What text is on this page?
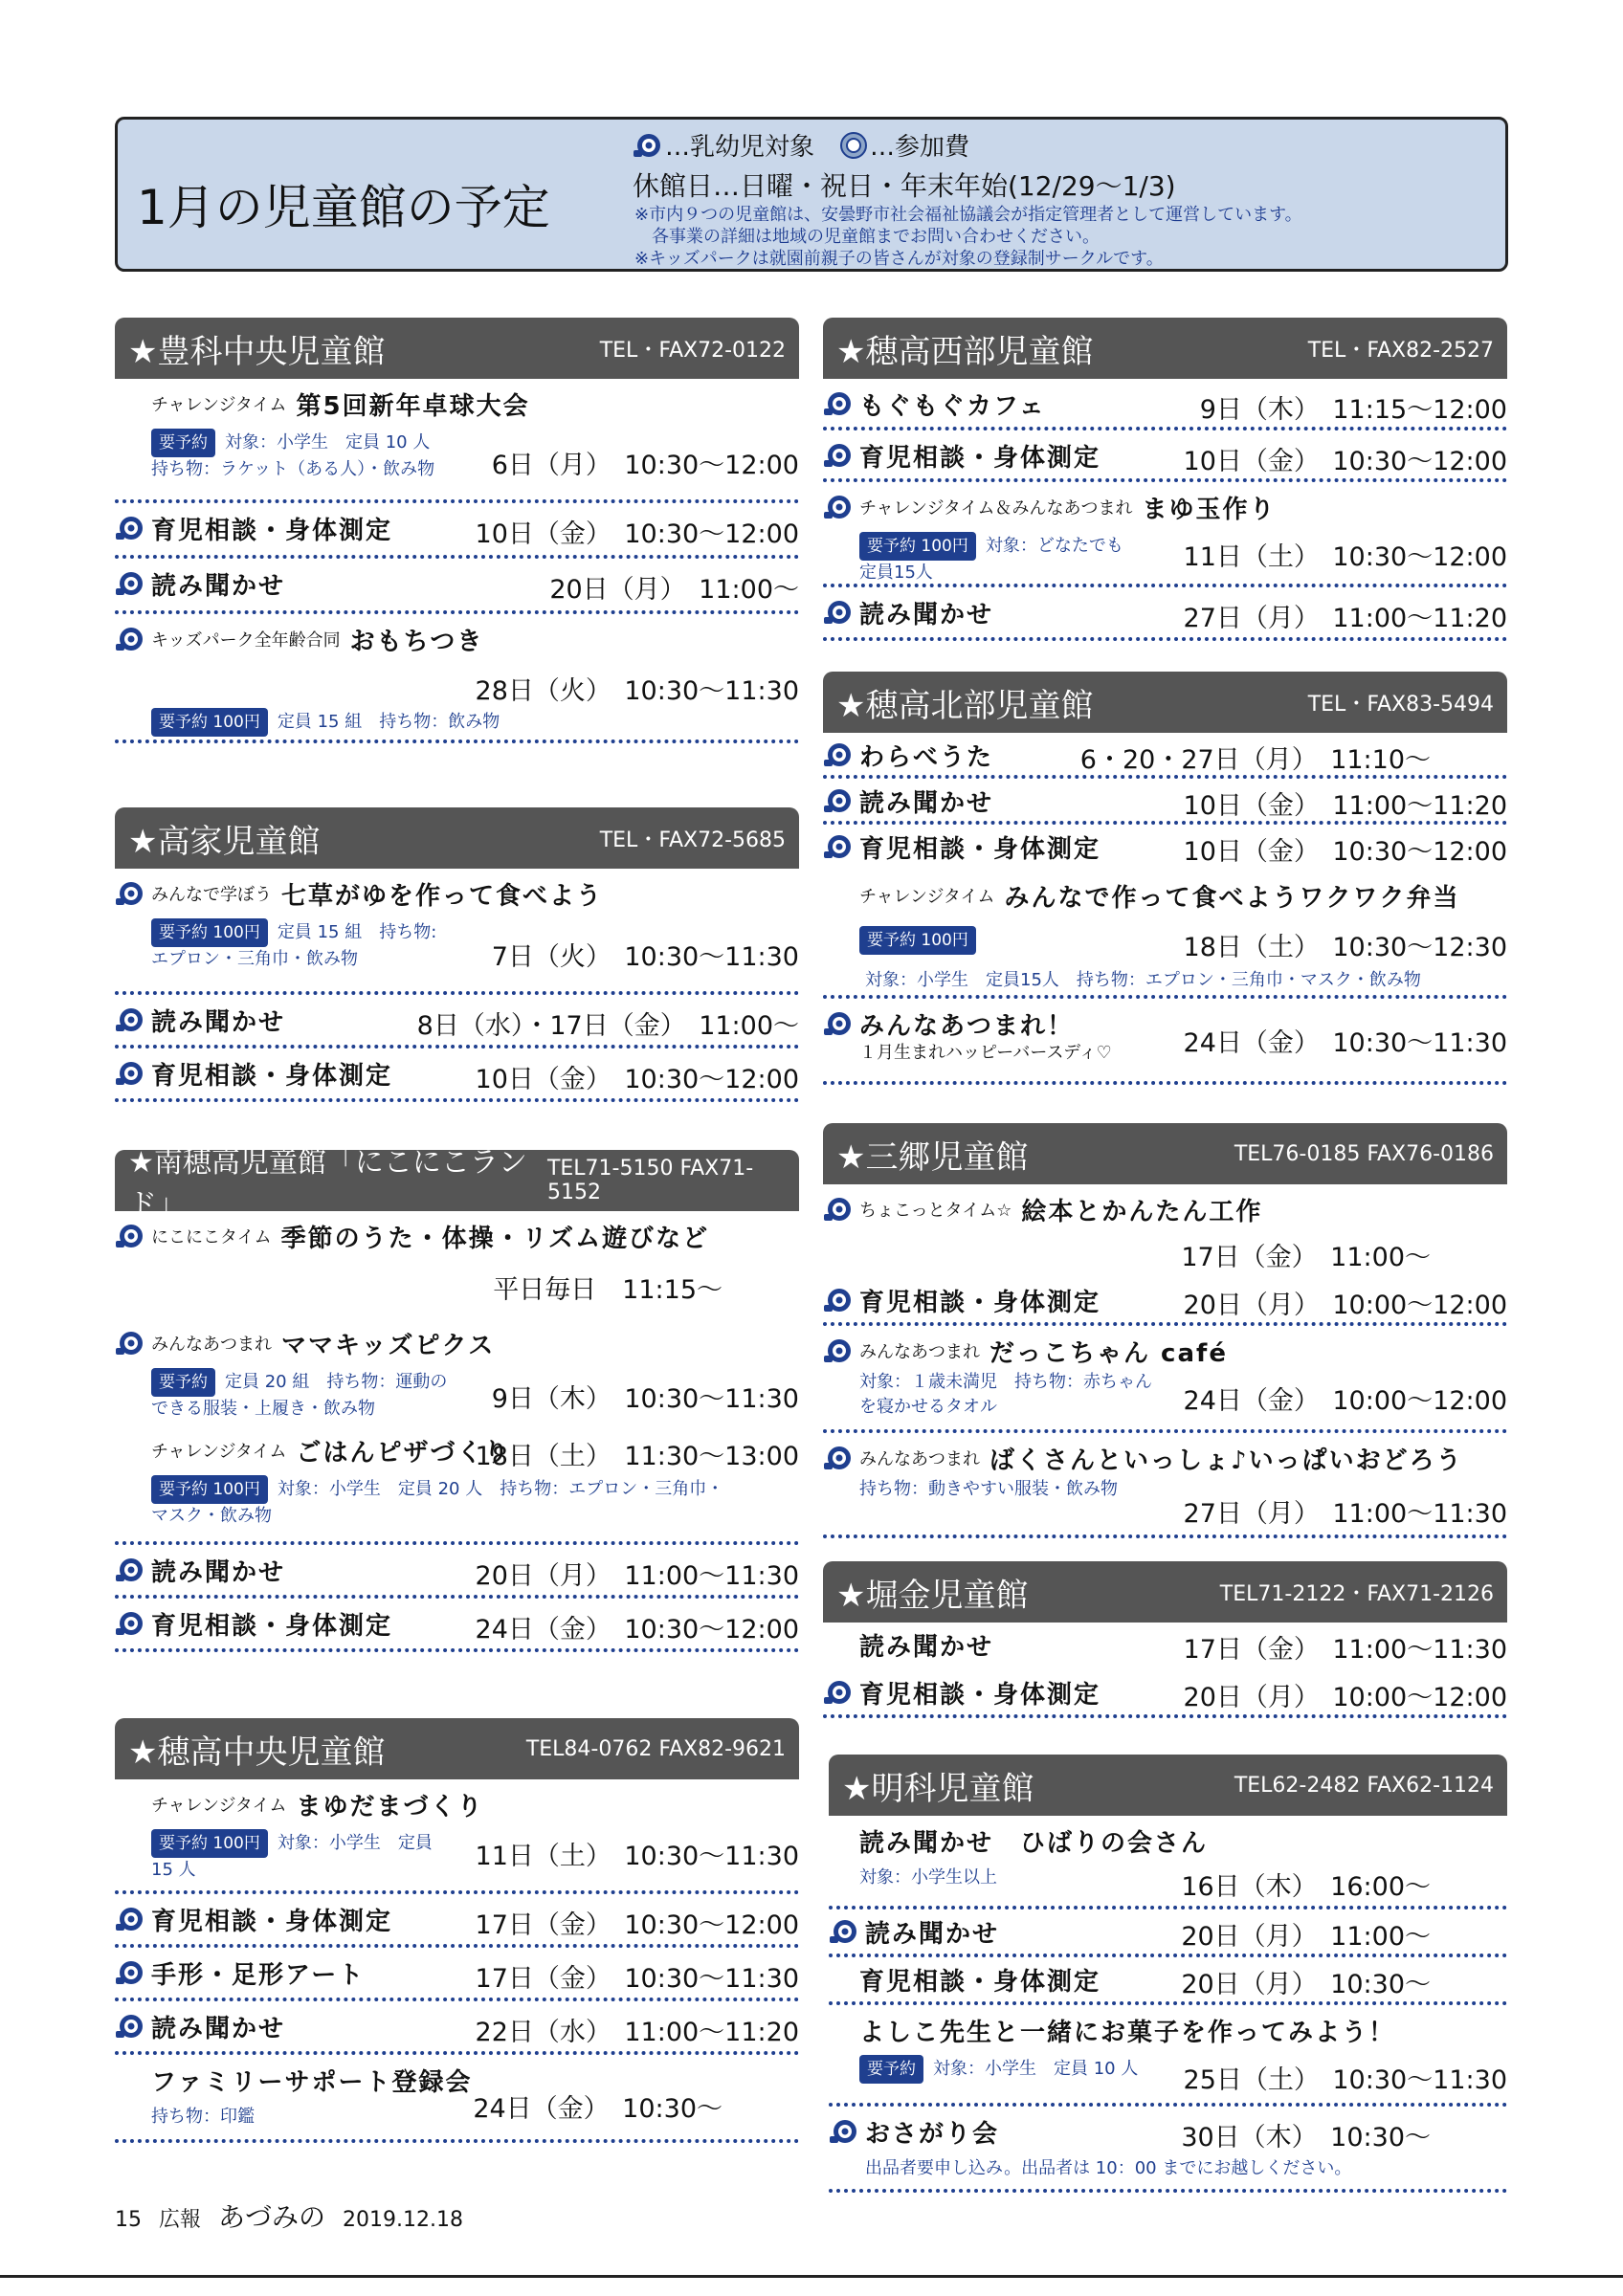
1月の児童館の予定
…乳幼児対象 …参加費
休館日…日曜・祝日・年末年始(12/29～1/3)
※市内９つの児童館は、安曇野市社会福祉協議会が指定管理者として運営しています。
　各事業の詳細は地域の児童館までお問い合わせください。
※キッズパークは就園前親子の皆さんが対象の登録制サークルです。
★豊科中央児童館	TEL・FAX72-0122
チャレンジタイム 第5回新年卓球大会
要予約 対象：小学生　定員 10 人
持ち物：ラケット（ある人）・飲み物	6日（月）　10:30～12:00
育児相談・身体測定	10日（金）　10:30～12:00
読み聞かせ	20日（月）　11:00～
キッズパーク全年齢合同 おもちつき
28日（火）　10:30～11:30
要予約 100円 定員 15 組　持ち物：飲み物
★高家児童館	TEL・FAX72-5685
みんなで学ぼう 七草がゆを作って食べよう
要予約 100円 定員 15 組　持ち物:
エプロン・三角巾・飲み物	7日（火）　10:30～11:30
読み聞かせ	8日（水）・17日（金）　11:00～
育児相談・身体測定	10日（金）　10:30～12:00
★南穂高児童館「にこにこランド」
TEL71-5150 FAX71-5152
にこにこタイム 季節のうた・体操・リズム遊びなど
平日毎日　11:15～
みんなあつまれ ママキッズピクス
要予約 定員 20 組　持ち物：運動の
できる服装・上履き・飲み物	9日（木）　10:30～11:30
チャレンジタイム ごはんピザづくり
18日（土）　11:30～13:00
要予約 100円 対象：小学生　定員 20 人　持ち物：エプロン・三角巾・
マスク・飲み物
読み聞かせ	20日（月）　11:00～11:30
育児相談・身体測定	24日（金）　10:30～12:00
★穂高中央児童館	TEL84-0762 FAX82-9621
チャレンジタイム まゆだまづくり
要予約 100円 対象：小学生　定員
15 人	11日（土）　10:30～11:30
育児相談・身体測定	17日（金）　10:30～12:00
手形・足形アート	17日（金）　10:30～11:30
読み聞かせ	22日（水）　11:00～11:20
ファミリーサポート登録会
持ち物：印鑑	24日（金）　10:30～
★穂高西部児童館	TEL・FAX82-2527
もぐもぐカフェ	9日（木）　11:15～12:00
育児相談・身体測定	10日（金）　10:30～12:00
チャレンジタイム＆みんなあつまれ まゆ玉作り
要予約 100円 対象：どなたでも
定員15人
11日（土）　10:30～12:00
読み聞かせ	27日（月）　11:00～11:20
★穂高北部児童館	TEL・FAX83-5494
わらべうた	6・20・27日（月）　11:10～
読み聞かせ	10日（金）　11:00～11:20
育児相談・身体測定	10日（金）　10:30～12:00
チャレンジタイム みんなで作って食べようワクワク弁当
要予約 100円	18日（土）　10:30～12:30
対象：小学生　定員15人　持ち物：エプロン・三角巾・マスク・飲み物
みんなあつまれ！
１月生まれハッピーバースディ♡	24日（金）　10:30～11:30
★三郷児童館	TEL76-0185 FAX76-0186
ちょこっとタイム☆ 絵本とかんたん工作
17日（金）　11:00～
育児相談・身体測定	20日（月）　10:00～12:00
みんなあつまれ だっこちゃん café
対象：１歳未満児　持ち物：赤ちゃん
を寝かせるタオル	24日（金）　10:00～12:00
みんなあつまれ ばくさんといっしょ♪いっぱいおどろう
持ち物：動きやすい服装・飲み物
27日（月）　11:00～11:30
★堀金児童館	TEL71-2122・FAX71-2126
読み聞かせ	17日（金）　11:00～11:30
育児相談・身体測定	20日（月）　10:00～12:00
★明科児童館	TEL62-2482 FAX62-1124
読み聞かせ　ひばりの会さん
対象：小学生以上	16日（木）　16:00～
読み聞かせ	20日（月）　11:00～
育児相談・身体測定	20日（月）　10:30～
よしこ先生と一緒にお菓子を作ってみよう！
要予約 対象：小学生　定員 10 人	25日（土）　10:30～11:30
おさがり会	30日（木）　10:30～
出品者要申し込み。出品者は 10：00 までにお越しください。
15 広報 あづみの 2019.12.18
